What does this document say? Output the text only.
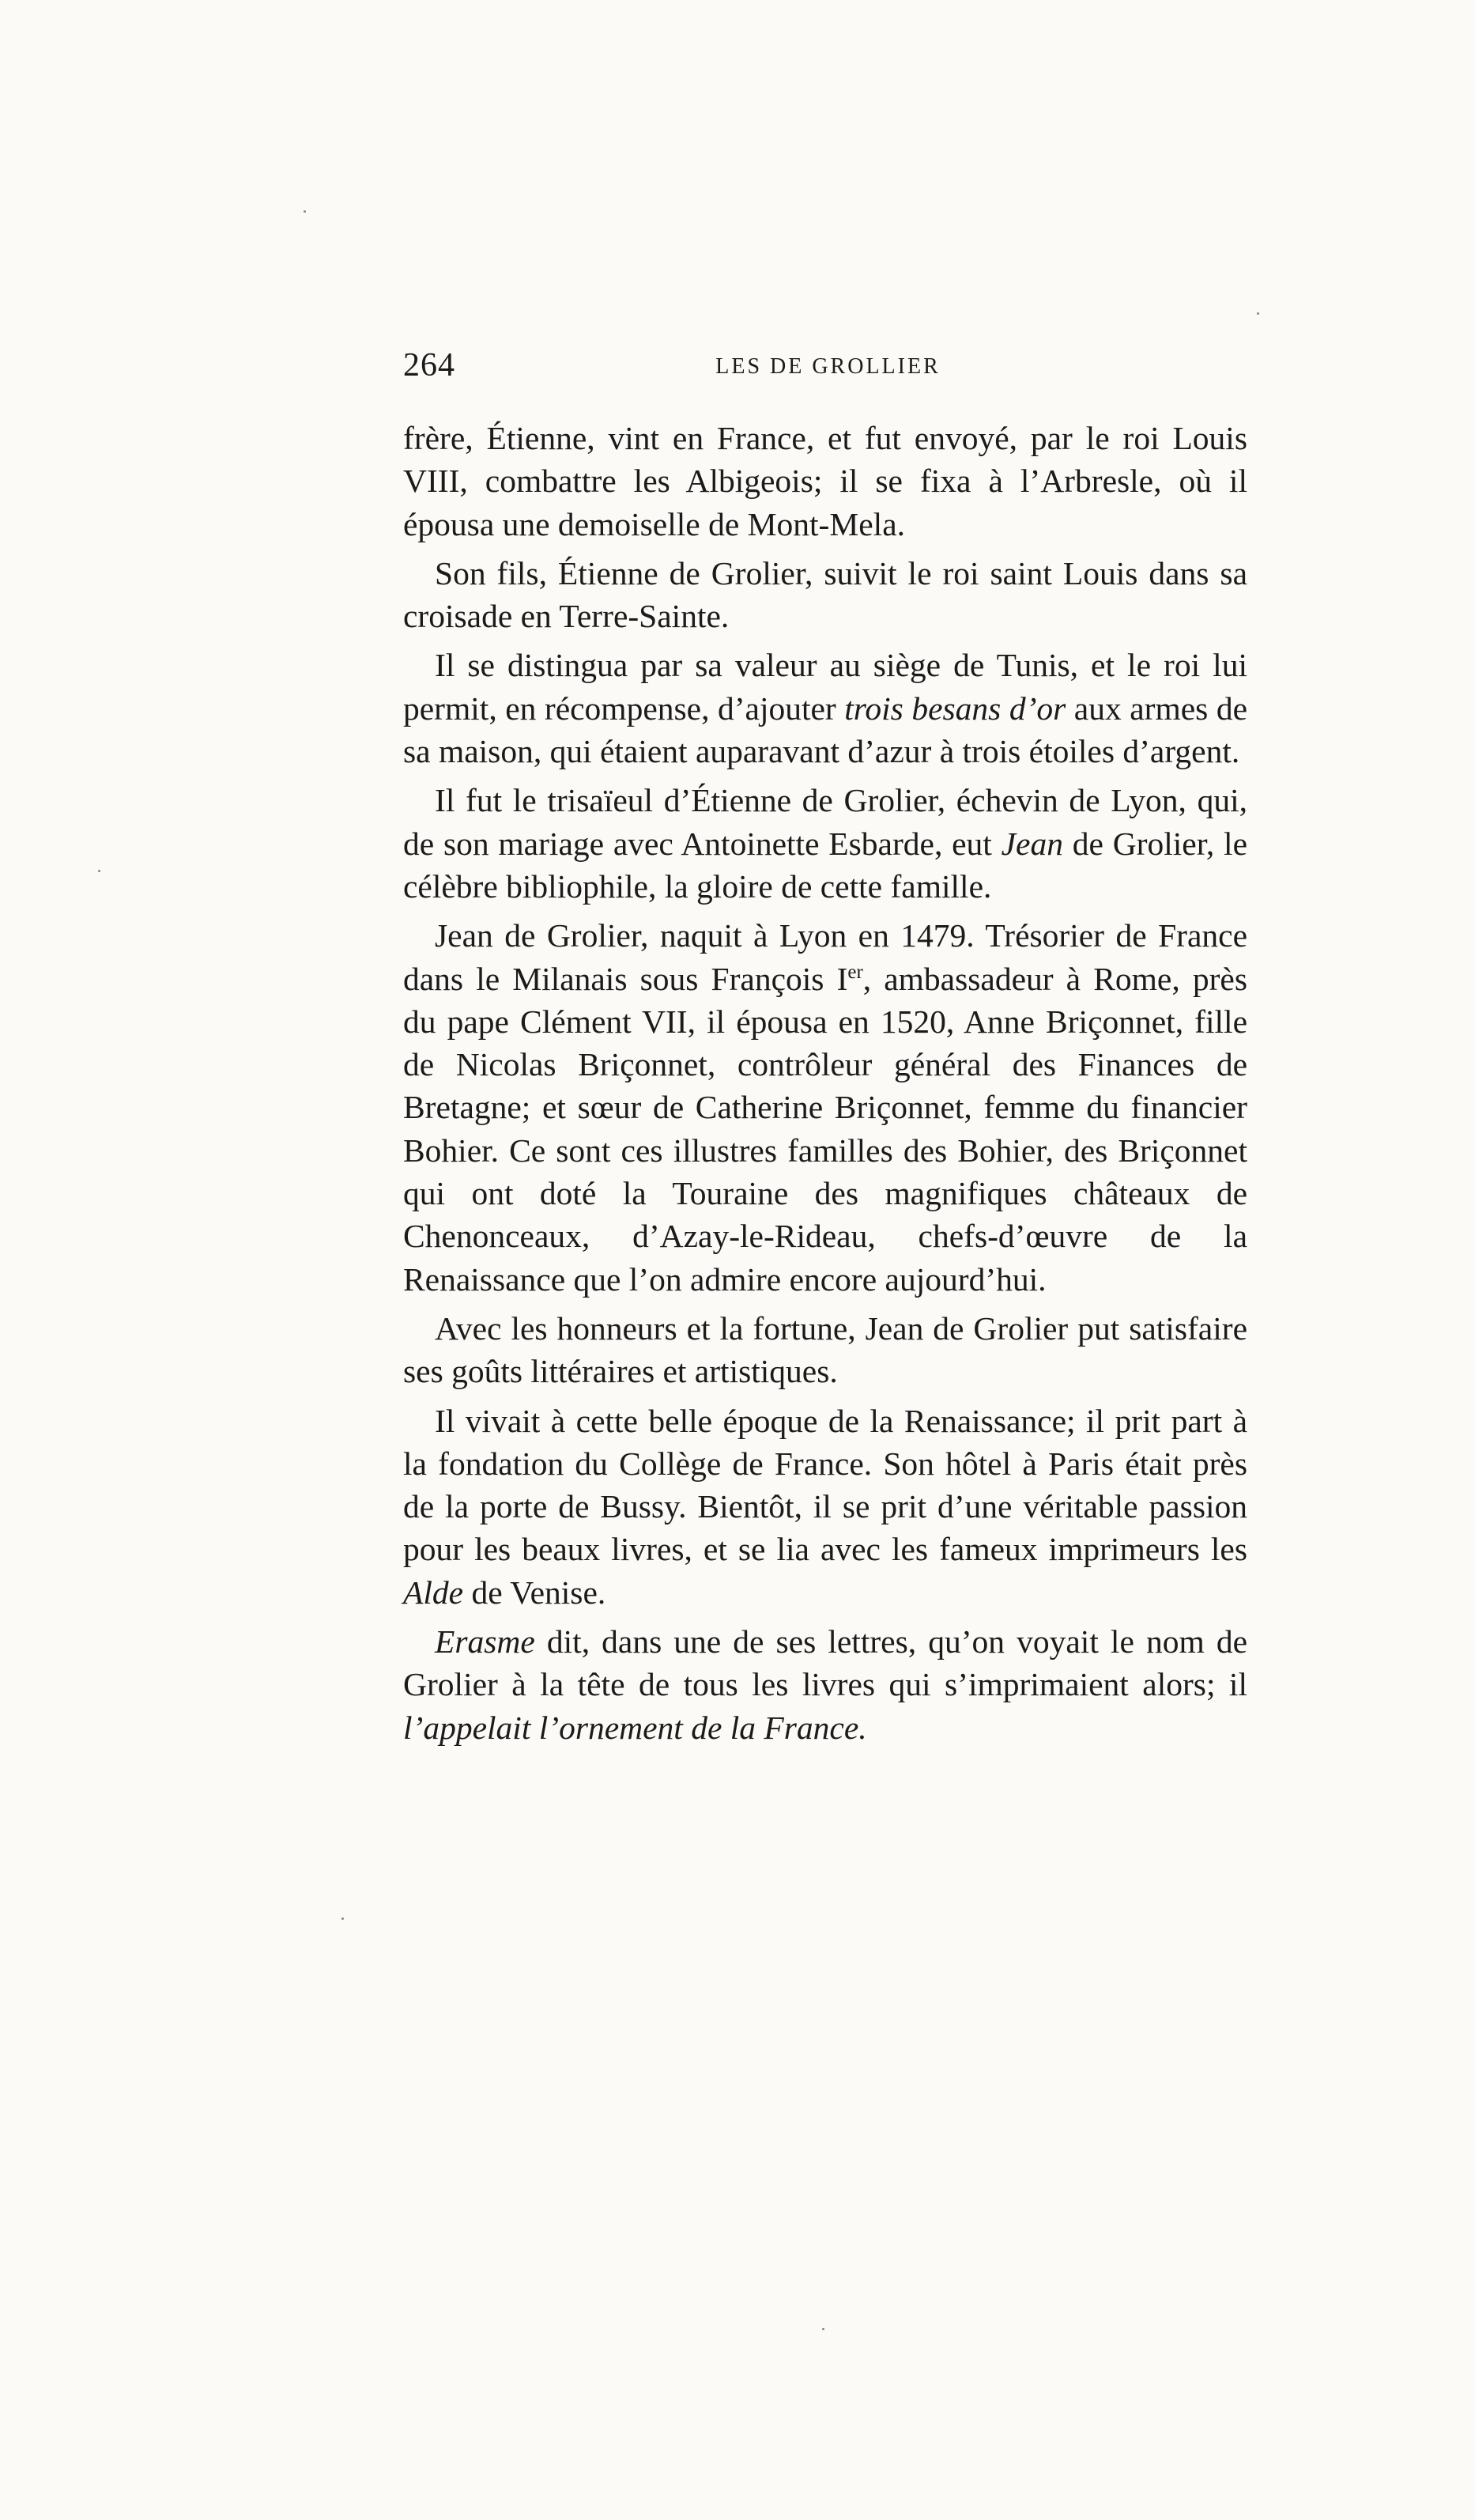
264	LES DE GROLLIER

frère, Étienne, vint en France, et fut envoyé, par le roi Louis VIII, combattre les Albigeois; il se fixa à l’Arbresle, où il épousa une demoiselle de Mont-Mela.

Son fils, Étienne de Grolier, suivit le roi saint Louis dans sa croisade en Terre-Sainte.

Il se distingua par sa valeur au siège de Tunis, et le roi lui permit, en récompense, d’ajouter trois besans d’or aux armes de sa maison, qui étaient auparavant d’azur à trois étoiles d’argent.

Il fut le trisaïeul d’Étienne de Grolier, échevin de Lyon, qui, de son mariage avec Antoinette Esbarde, eut Jean de Grolier, le célèbre bibliophile, la gloire de cette famille.

Jean de Grolier, naquit à Lyon en 1479. Trésorier de France dans le Milanais sous François Ier, ambassadeur à Rome, près du pape Clément VII, il épousa en 1520, Anne Briçonnet, fille de Nicolas Briçonnet, contrôleur général des Finances de Bretagne; et sœur de Catherine Briçonnet, femme du financier Bohier. Ce sont ces illustres familles des Bohier, des Briçonnet qui ont doté la Touraine des magnifiques châteaux de Chenonceaux, d’Azay-le-Rideau, chefs-d’œuvre de la Renaissance que l’on admire encore aujourd’hui.

Avec les honneurs et la fortune, Jean de Grolier put satisfaire ses goûts littéraires et artistiques.

Il vivait à cette belle époque de la Renaissance; il prit part à la fondation du Collège de France. Son hôtel à Paris était près de la porte de Bussy. Bientôt, il se prit d’une véritable passion pour les beaux livres, et se lia avec les fameux imprimeurs les Alde de Venise.

Erasme dit, dans une de ses lettres, qu’on voyait le nom de Grolier à la tête de tous les livres qui s’imprimaient alors; il l’appelait l’ornement de la France.
